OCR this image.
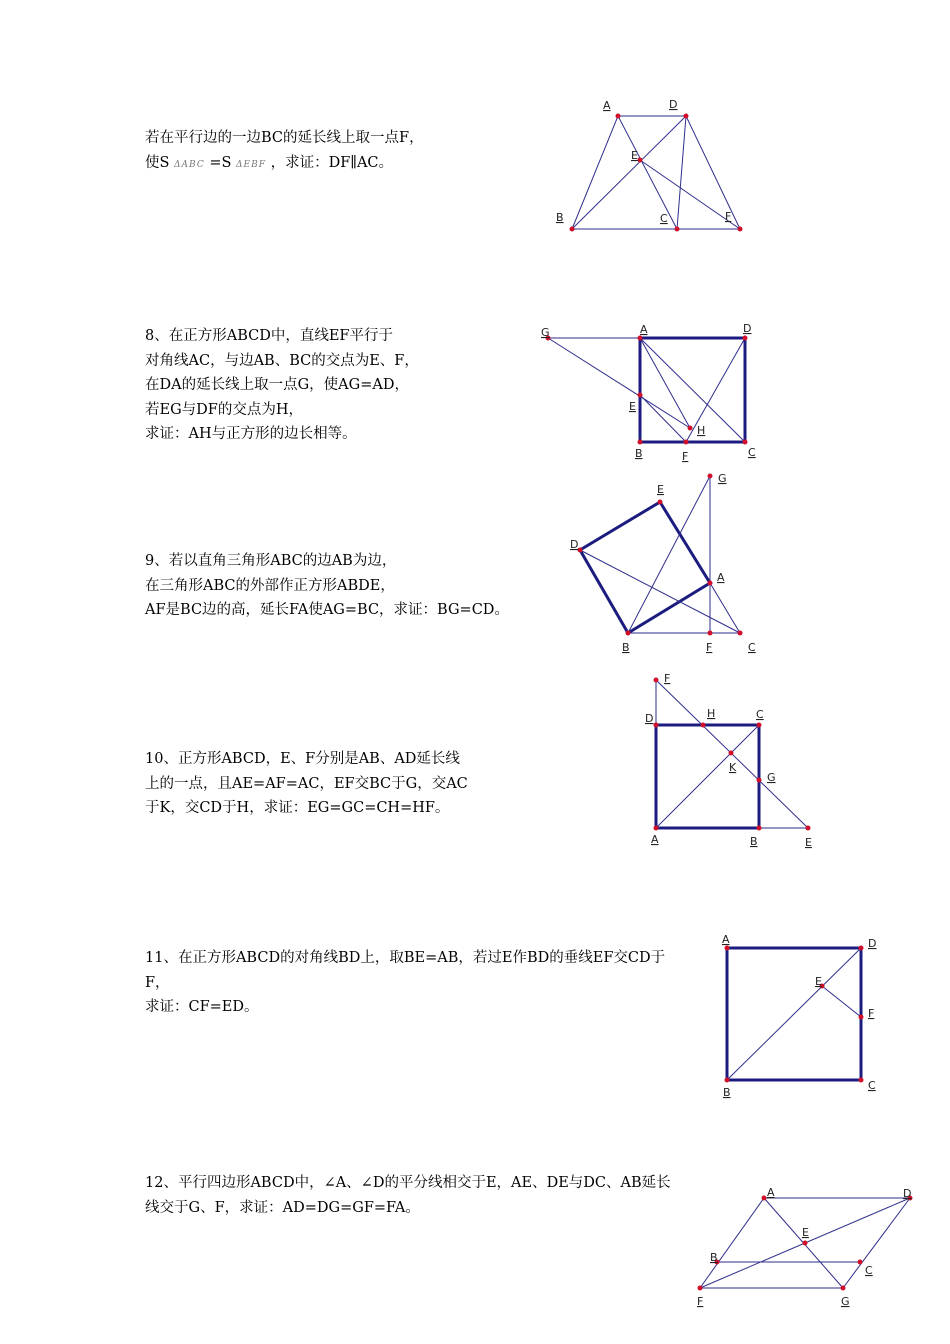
若在平行边的一边BC的延长线上取一点F，
使S ΔABC =S ΔEBF ，求证：DF∥AC。
A	D
E
B	C	F
8、在正方形ABCD中，直线EF平行于
对角线AC，与边AB、BC的交点为E、F，
在DA的延长线上取一点G，使AG=AD，
若EG与DF的交点为H，
求证：AH与正方形的边长相等。
G	A	D
E
H
B	F	C
9、若以直角三角形ABC的边AB为边，
在三角形ABC的外部作正方形ABDE，
AF是BC边的高，延长FA使AG=BC，求证：BG=CD。
E
G
D
A
B	F	C
10、正方形ABCD，E、F分别是AB、AD延长线
上的一点，且AE=AF=AC，EF交BC于G，交AC
于K，交CD于H，求证：EG=GC=CH=HF。
F
D	H	C
K
G
A	B	E
11、在正方形ABCD的对角线BD上，取BE=AB，若过E作BD的垂线EF交CD于
F，
求证：CF=ED。
A	D
E
F
B
C
12、平行四边形ABCD中，∠A、∠D的平分线相交于E，AE、DE与DC、AB延长
线交于G、F，求证：AD=DG=GF=FA。
A	D
E
B
C
F	G
